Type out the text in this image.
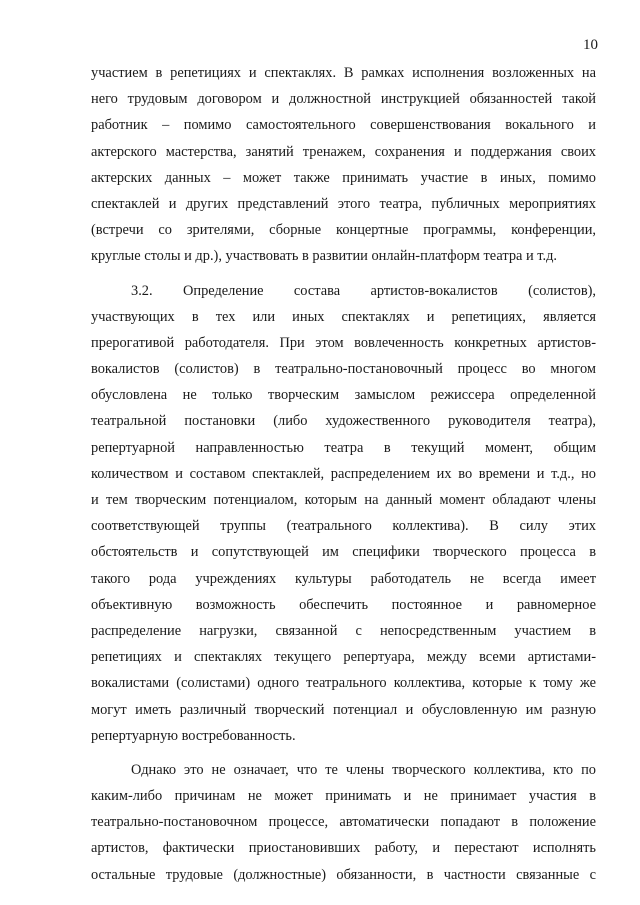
10
участием в репетициях и спектаклях. В рамках исполнения возложенных на
него трудовым договором и должностной инструкцией обязанностей такой
работник – помимо самостоятельного совершенствования вокального и
актерского мастерства, занятий тренажем, сохранения и поддержания своих
актерских данных – может также принимать участие в иных, помимо
спектаклей и других представлений этого театра, публичных мероприятиях
(встречи со зрителями, сборные концертные программы, конференции,
круглые столы и др.), участвовать в развитии онлайн-платформ театра и т.д.
3.2. Определение состава артистов-вокалистов (солистов),
участвующих в тех или иных спектаклях и репетициях, является
прерогативой работодателя. При этом вовлеченность конкретных артистов-
вокалистов (солистов) в театрально-постановочный процесс во многом
обусловлена не только творческим замыслом режиссера определенной
театральной постановки (либо художественного руководителя театра),
репертуарной направленностью театра в текущий момент, общим
количеством и составом спектаклей, распределением их во времени и т.д., но
и тем творческим потенциалом, которым на данный момент обладают члены
соответствующей труппы (театрального коллектива). В силу этих
обстоятельств и сопутствующей им специфики творческого процесса в
такого рода учреждениях культуры работодатель не всегда имеет
объективную возможность обеспечить постоянное и равномерное
распределение нагрузки, связанной с непосредственным участием в
репетициях и спектаклях текущего репертуара, между всеми артистами-
вокалистами (солистами) одного театрального коллектива, которые к тому же
могут иметь различный творческий потенциал и обусловленную им разную
репертуарную востребованность.
Однако это не означает, что те члены творческого коллектива, кто по
каким-либо причинам не может принимать и не принимает участия в
театрально-постановочном процессе, автоматически попадают в положение
артистов, фактически приостановивших работу, и перестают исполнять
остальные трудовые (должностные) обязанности, в частности связанные с
